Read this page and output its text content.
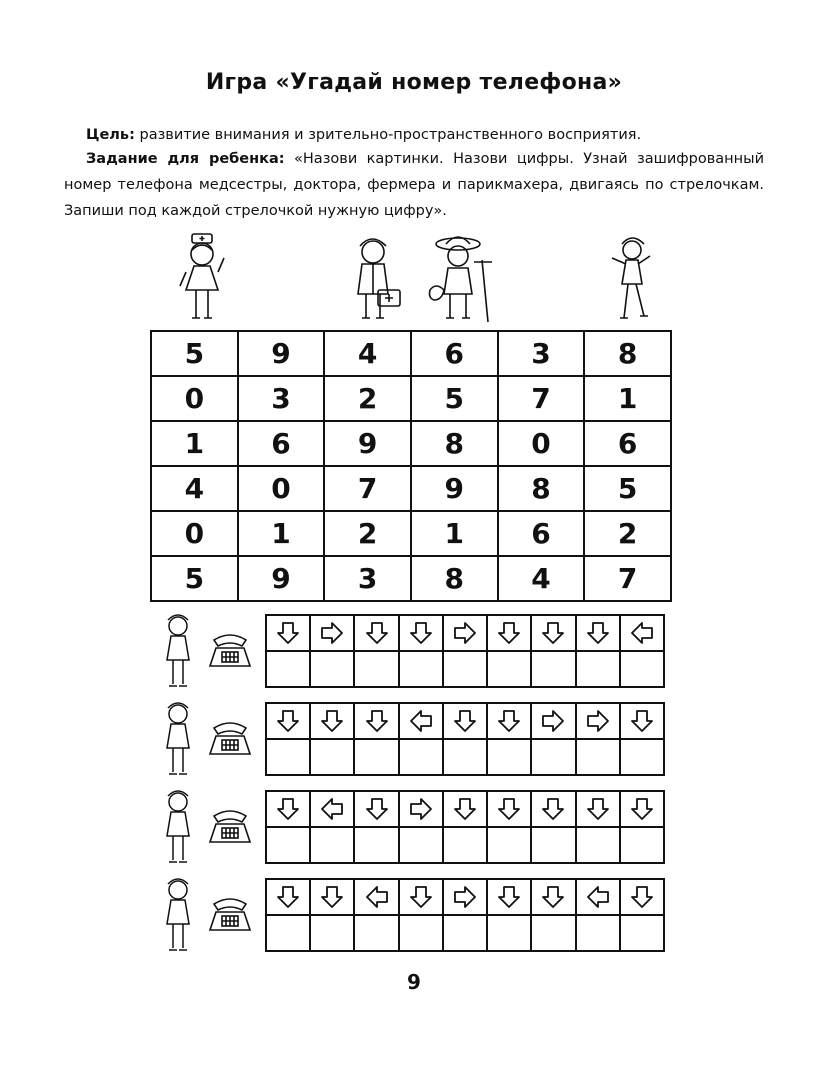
Игра «Угадай номер телефона»
Цель: развитие внимания и зрительно-пространственного восприятия.
Задание для ребенка: «Назови картинки. Назови цифры. Узнай зашифрованный номер телефона медсестры, доктора, фермера и парикмахера, двигаясь по стрелочкам. Запиши под каждой стрелочкой нужную цифру».
5	9	4	6	3	8
0	3	2	5	7	1
1	6	9	8	0	6
4	0	7	9	8	5
0	1	2	1	6	2
5	9	3	8	4	7

9
